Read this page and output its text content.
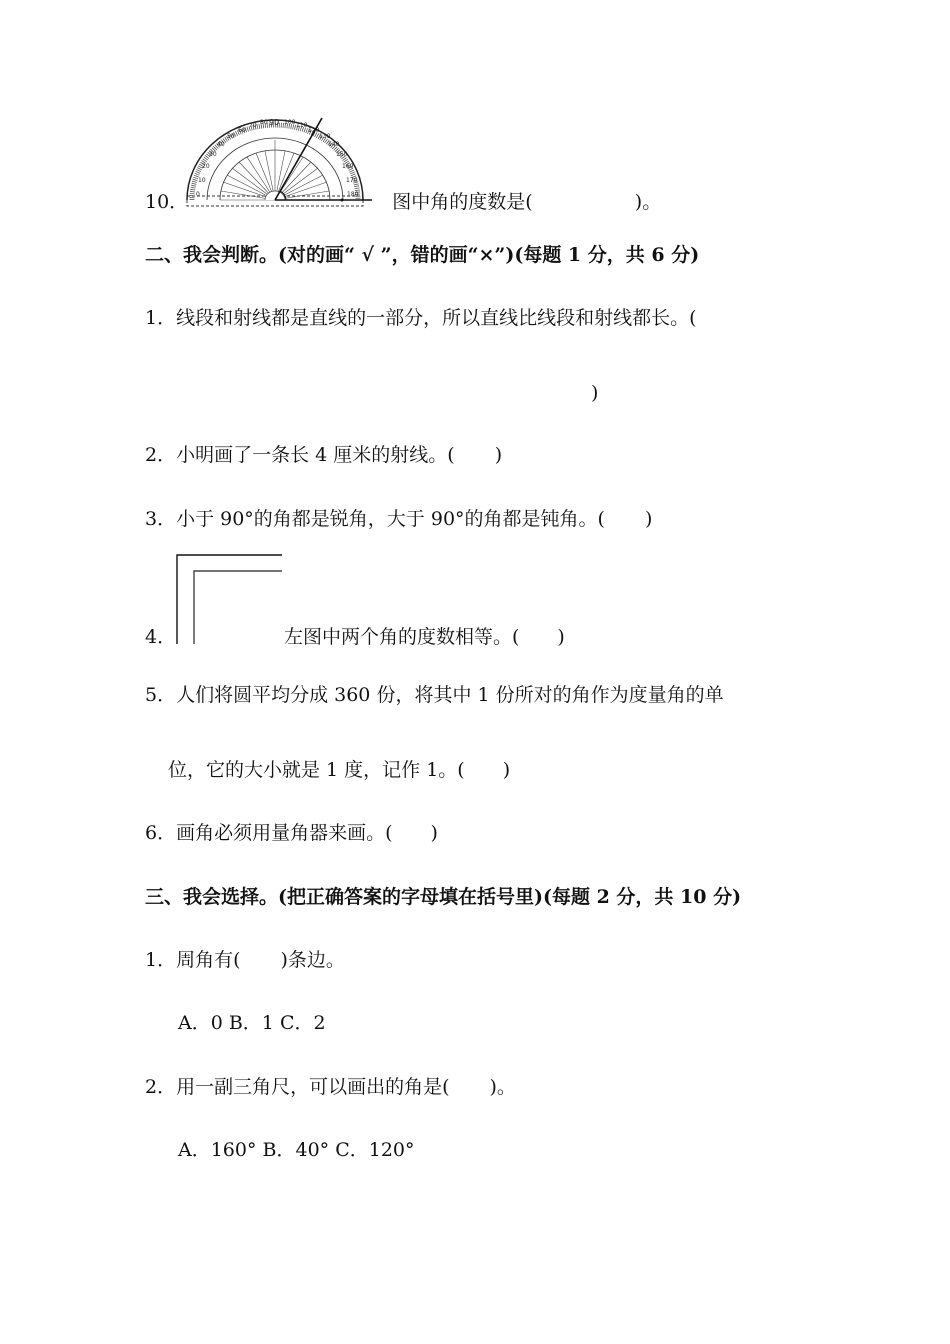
0
10
20
30
40
50
60
70 80 90 100 110
120
130
140
150
160
170
180
10．	图中角的度数是(	)。
二、我会判断。(对的画“ √ ”，错的画“×”)(每题 1 分，共 6 分)
1．线段和射线都是直线的一部分，所以直线比线段和射线都长。(
)
2．小明画了一条长 4 厘米的射线。( )
3．小于 90°的角都是锐角，大于 90°的角都是钝角。( )
4．	左图中两个角的度数相等。( )
5．人们将圆平均分成 360 份，将其中 1 份所对的角作为度量角的单
位，它的大小就是 1 度，记作 1。( )
6．画角必须用量角器来画。( )
三、我会选择。(把正确答案的字母填在括号里)(每题 2 分，共 10 分)
1．周角有( )条边。
A．0 B．1 C．2
2．用一副三角尺，可以画出的角是( )。
A．160° B．40° C．120°
